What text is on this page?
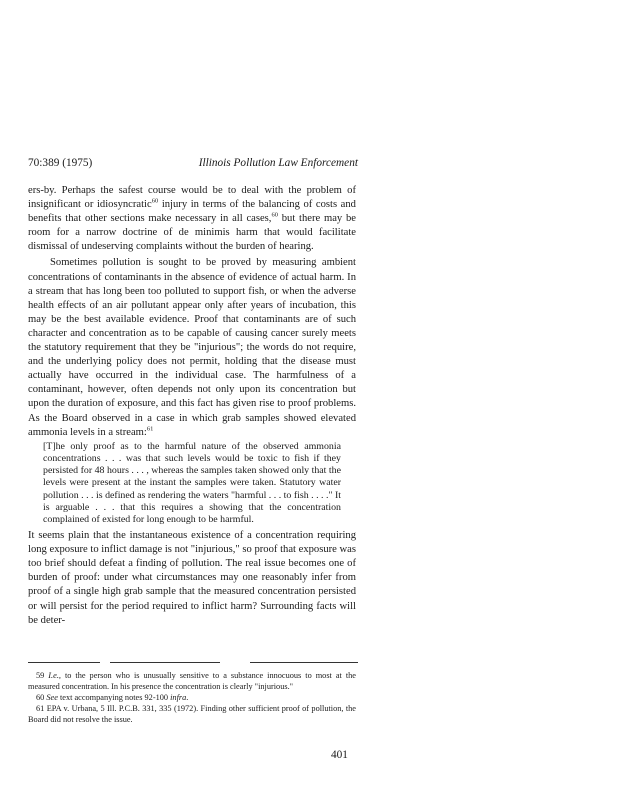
70:389 (1975)	Illinois Pollution Law Enforcement

ers-by. Perhaps the safest course would be to deal with the problem of insignificant or idiosyncratic$^{60}$ injury in terms of the balancing of costs and benefits that other sections make necessary in all cases,$^{60}$ but there may be room for a narrow doctrine of de minimis harm that would facilitate dismissal of undeserving complaints without the burden of hearing.

Sometimes pollution is sought to be proved by measuring ambient concentrations of contaminants in the absence of evidence of actual harm. In a stream that has long been too polluted to support fish, or when the adverse health effects of an air pollutant appear only after years of incubation, this may be the best available evidence. Proof that contaminants are of such character and concentration as to be capable of causing cancer surely meets the statutory requirement that they be "injurious"; the words do not require, and the underlying policy does not permit, holding that the disease must actually have occurred in the individual case. The harmfulness of a contaminant, however, often depends not only upon its concentration but upon the duration of exposure, and this fact has given rise to proof problems. As the Board observed in a case in which grab samples showed elevated ammonia levels in a stream:$^{61}$

[T]he only proof as to the harmful nature of the observed ammonia concentrations . . . was that such levels would be toxic to fish if they persisted for 48 hours . . . , whereas the samples taken showed only that the levels were present at the instant the samples were taken. Statutory water pollution . . . is defined as rendering the waters "harmful . . . to fish . . . ." It is arguable . . . that this requires a showing that the concentration complained of existed for long enough to be harmful.

It seems plain that the instantaneous existence of a concentration requiring long exposure to inflict damage is not "injurious," so proof that exposure was too brief should defeat a finding of pollution. The real issue becomes one of burden of proof: under what circumstances may one reasonably infer from proof of a single high grab sample that the measured concentration persisted or will persist for the period required to inflict harm? Surrounding facts will be deter-

59 I.e., to the person who is unusually sensitive to a substance innocuous to most at the measured concentration. In his presence the concentration is clearly "injurious."

60 See text accompanying notes 92-100 infra.

61 EPA v. Urbana, 5 Ill. P.C.B. 331, 335 (1972). Finding other sufficient proof of pollution, the Board did not resolve the issue.

401
